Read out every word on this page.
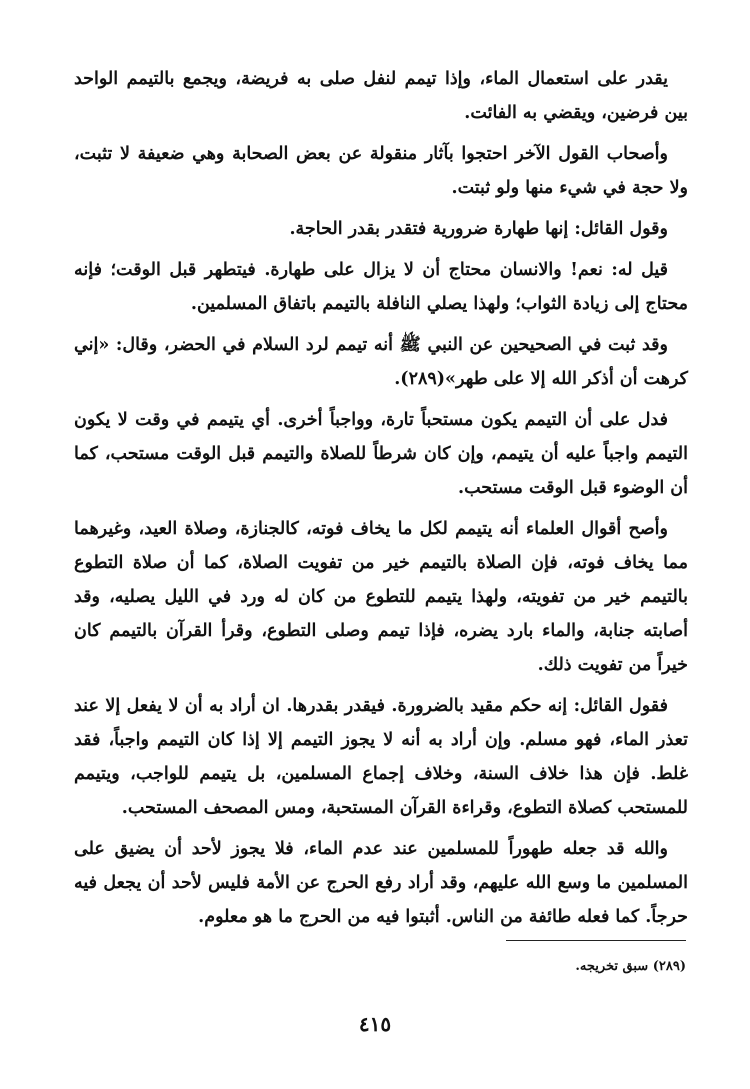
يقدر على استعمال الماء، وإذا تيمم لنفل صلى به فريضة، ويجمع بالتيمم الواحد بين فرضين، ويقضي به الفائت.

وأصحاب القول الآخر احتجوا بآثار منقولة عن بعض الصحابة وهي ضعيفة لا تثبت، ولا حجة في شيء منها ولو ثبتت.

وقول القائل: إنها طهارة ضرورية فتقدر بقدر الحاجة.

قيل له: نعم! والانسان محتاج أن لا يزال على طهارة. فيتطهر قبل الوقت؛ فإنه محتاج إلى زيادة الثواب؛ ولهذا يصلي النافلة بالتيمم باتفاق المسلمين.

وقد ثبت في الصحيحين عن النبي ﷺ أنه تيمم لرد السلام في الحضر، وقال: «إني كرهت أن أذكر الله إلا على طهر»(٢٨٩).

فدل على أن التيمم يكون مستحباً تارة، وواجباً أخرى. أي يتيمم في وقت لا يكون التيمم واجباً عليه أن يتيمم، وإن كان شرطاً للصلاة والتيمم قبل الوقت مستحب، كما أن الوضوء قبل الوقت مستحب.

وأصح أقوال العلماء أنه يتيمم لكل ما يخاف فوته، كالجنازة، وصلاة العيد، وغيرهما مما يخاف فوته، فإن الصلاة بالتيمم خير من تفويت الصلاة، كما أن صلاة التطوع بالتيمم خير من تفويته، ولهذا يتيمم للتطوع من كان له ورد في الليل يصليه، وقد أصابته جنابة، والماء بارد يضره، فإذا تيمم وصلى التطوع، وقرأ القرآن بالتيمم كان خيراً من تفويت ذلك.

فقول القائل: إنه حكم مقيد بالضرورة. فيقدر بقدرها. ان أراد به أن لا يفعل إلا عند تعذر الماء، فهو مسلم. وإن أراد به أنه لا يجوز التيمم إلا إذا كان التيمم واجباً، فقد غلط. فإن هذا خلاف السنة، وخلاف إجماع المسلمين، بل يتيمم للواجب، ويتيمم للمستحب كصلاة التطوع، وقراءة القرآن المستحبة، ومس المصحف المستحب.

والله قد جعله طهوراً للمسلمين عند عدم الماء، فلا يجوز لأحد أن يضيق على المسلمين ما وسع الله عليهم، وقد أراد رفع الحرج عن الأمة فليس لأحد أن يجعل فيه حرجاً. كما فعله طائفة من الناس. أثبتوا فيه من الحرج ما هو معلوم.

(٢٨٩) سبق تخريجه.
٤١٥
